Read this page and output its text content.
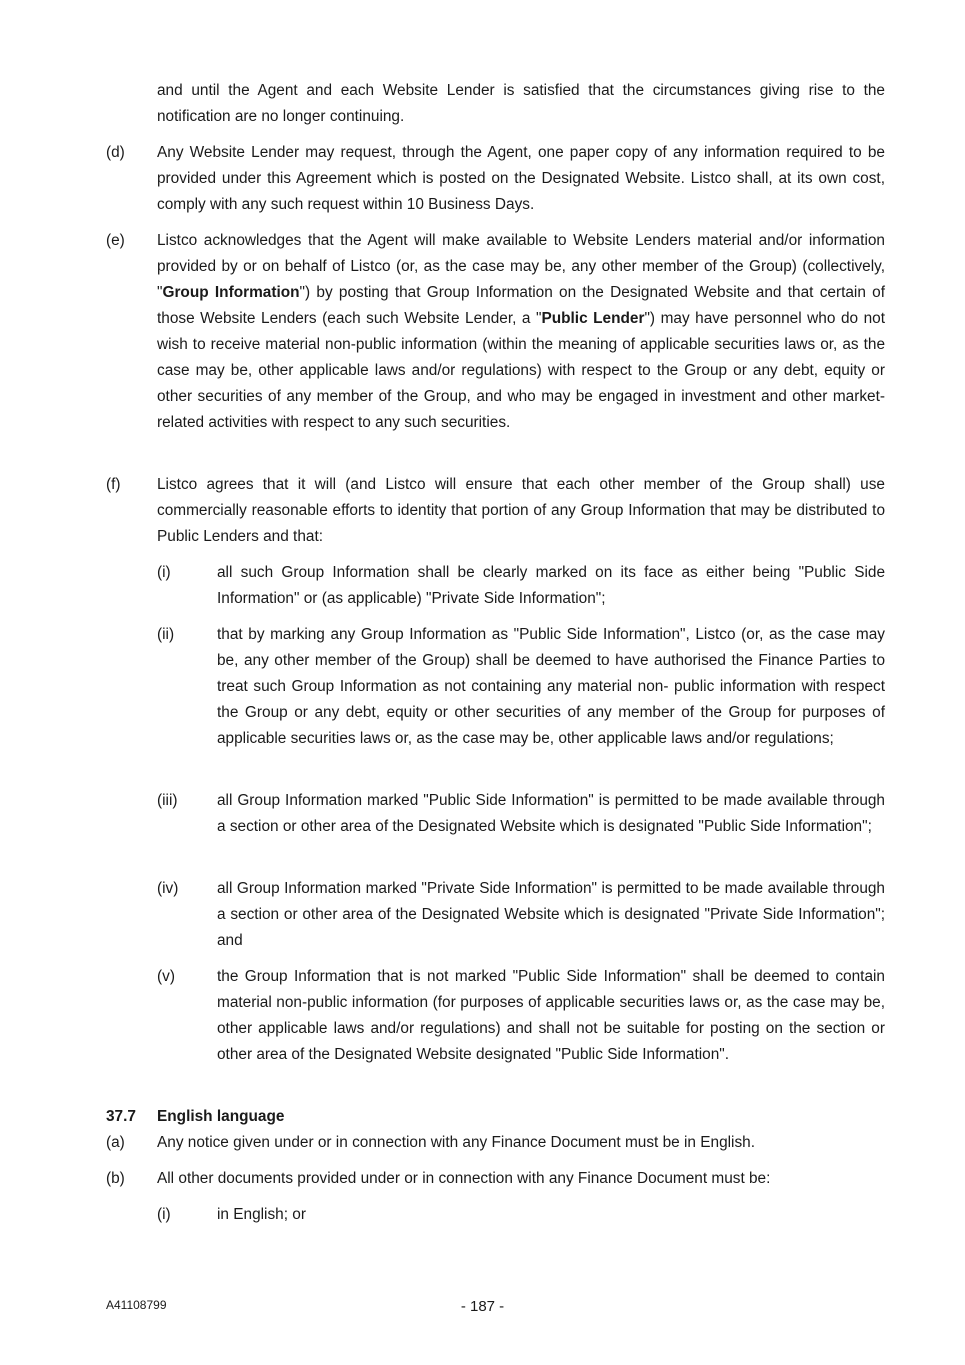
and until the Agent and each Website Lender is satisfied that the circumstances giving rise to the notification are no longer continuing.
(d) Any Website Lender may request, through the Agent, one paper copy of any information required to be provided under this Agreement which is posted on the Designated Website. Listco shall, at its own cost, comply with any such request within 10 Business Days.
(e) Listco acknowledges that the Agent will make available to Website Lenders material and/or information provided by or on behalf of Listco (or, as the case may be, any other member of the Group) (collectively, "Group Information") by posting that Group Information on the Designated Website and that certain of those Website Lenders (each such Website Lender, a "Public Lender") may have personnel who do not wish to receive material non-public information (within the meaning of applicable securities laws or, as the case may be, other applicable laws and/or regulations) with respect to the Group or any debt, equity or other securities of any member of the Group, and who may be engaged in investment and other market-related activities with respect to any such securities.
(f) Listco agrees that it will (and Listco will ensure that each other member of the Group shall) use commercially reasonable efforts to identity that portion of any Group Information that may be distributed to Public Lenders and that:
(i)	all such Group Information shall be clearly marked on its face as either being "Public Side Information" or (as applicable) "Private Side Information";
(ii)	that by marking any Group Information as "Public Side Information", Listco (or, as the case may be, any other member of the Group) shall be deemed to have authorised the Finance Parties to treat such Group Information as not containing any material non- public information with respect the Group or any debt, equity or other securities of any member of the Group for purposes of applicable securities laws or, as the case may be, other applicable laws and/or regulations;
(iii)	all Group Information marked "Public Side Information" is permitted to be made available through a section or other area of the Designated Website which is designated "Public Side Information";
(iv)	all Group Information marked "Private Side Information" is permitted to be made available through a section or other area of the Designated Website which is designated "Private Side Information"; and
(v)	the Group Information that is not marked "Public Side Information" shall be deemed to contain material non-public information (for purposes of applicable securities laws or, as the case may be, other applicable laws and/or regulations) and shall not be suitable for posting on the section or other area of the Designated Website designated "Public Side Information".
37.7 English language
(a) Any notice given under or in connection with any Finance Document must be in English.
(b) All other documents provided under or in connection with any Finance Document must be:
(i)	in English; or
A41108799	- 187 -
